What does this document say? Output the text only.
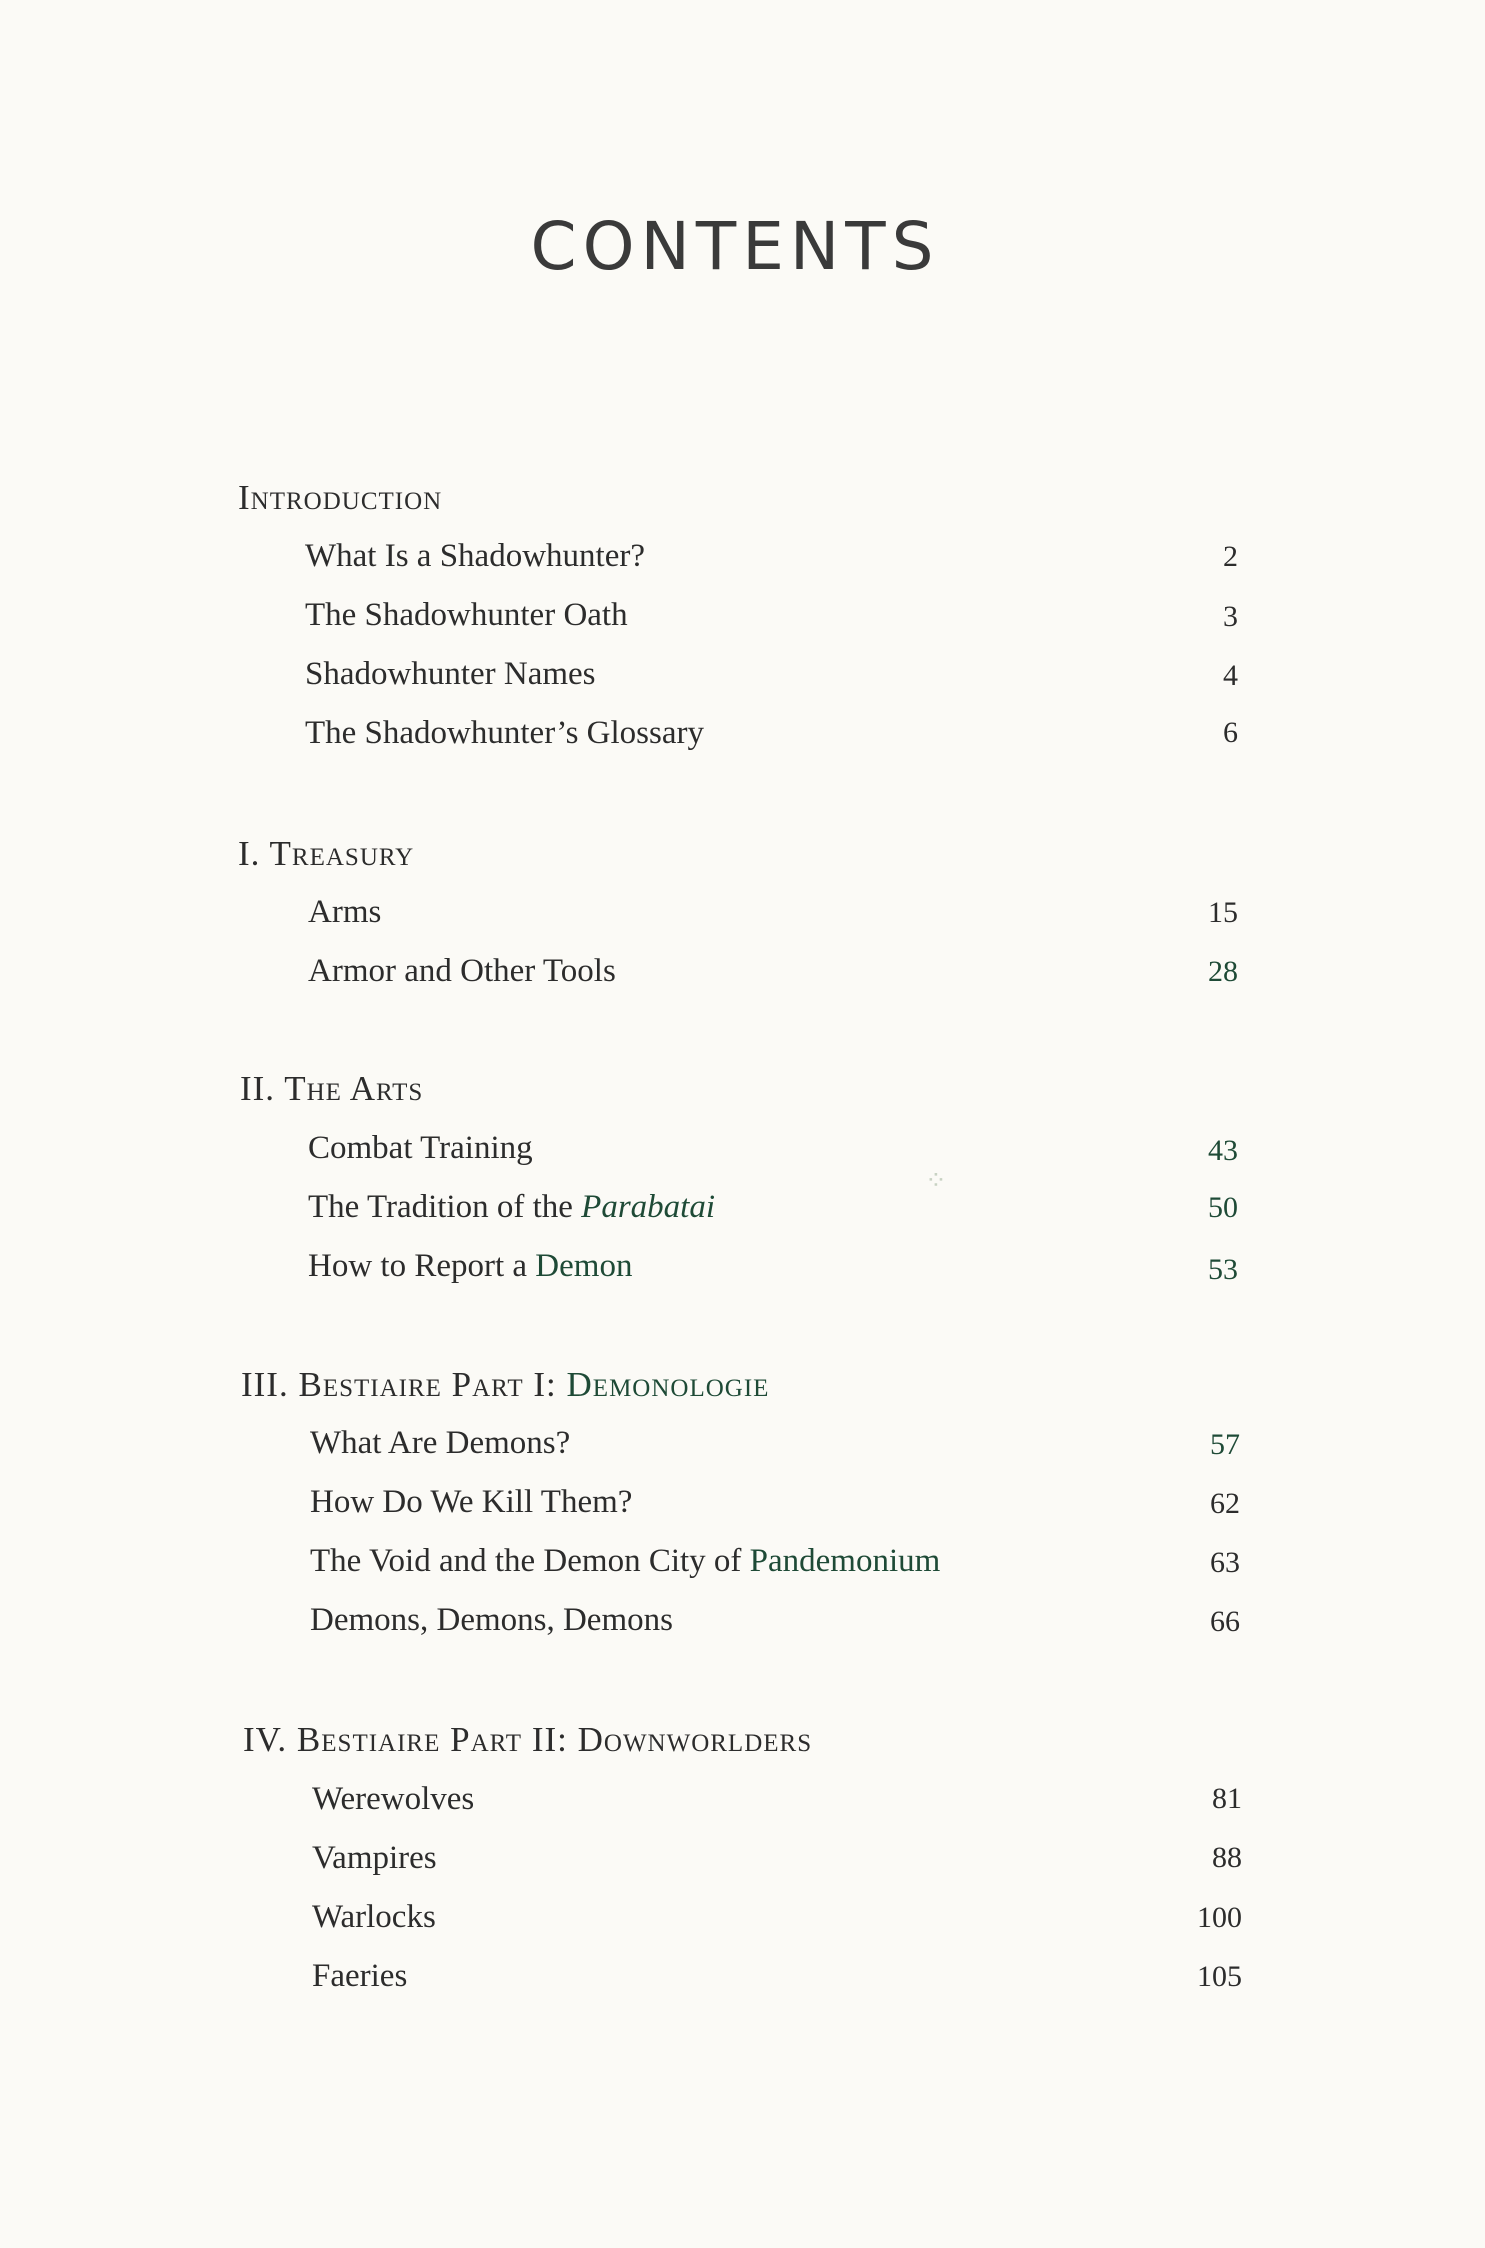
CONTENTS
Introduction
What Is a Shadowhunter?	2
The Shadowhunter Oath	3
Shadowhunter Names	4
The Shadowhunter’s Glossary	6
I. Treasury
Arms	15
Armor and Other Tools	28
II. The Arts
Combat Training	43
The Tradition of the Parabatai	50
How to Report a Demon	53
⁘
III. Bestiaire Part I: Demonologie
What Are Demons?	57
How Do We Kill Them?	62
The Void and the Demon City of Pandemonium	63
Demons, Demons, Demons	66
IV. Bestiaire Part II: Downworlders
Werewolves	81
Vampires	88
Warlocks	100
Faeries	105
